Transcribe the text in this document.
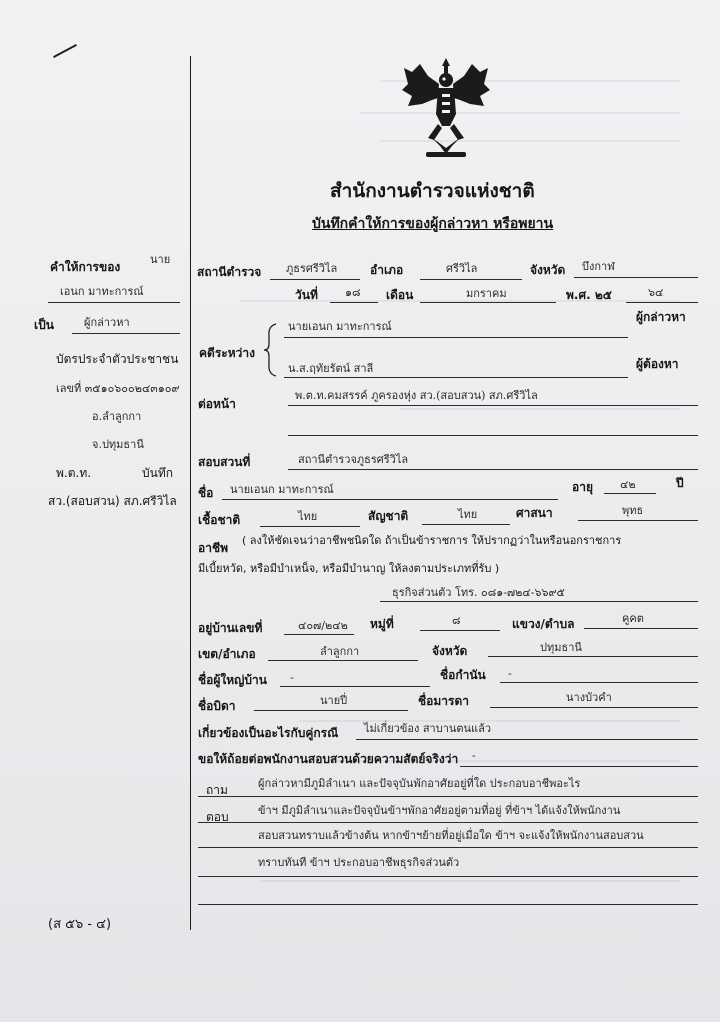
สำนักงานตำรวจแห่งชาติ
บันทึกคำให้การของผู้กล่าวหา หรือพยาน
คำให้การของ
นาย
เอนก มาทะการณ์
เป็น	ผู้กล่าวหา
บัตรประจำตัวประชาชน
เลขที่ ๓๕๑๐๖๐๐๒๔๓๑๐๙
อ.ลำลูกกา
จ.ปทุมธานี
พ.ต.ท.	บันทึก
สว.(สอบสวน) สภ.ศรีวิไล
(ส ๕๖ - ๔)
สถานีตำรวจ ภูธรศรีวิไล	อำเภอ	ศรีวิไล	จังหวัด บึงกาฬ
วันที่ ๑๘ เดือน	มกราคม	พ.ศ. ๒๕	๖๔
คดีระหว่าง
นายเอนก มาทะการณ์
ผู้กล่าวหา
น.ส.ฤทัยรัตน์ สาลี	ผู้ต้องหา
ต่อหน้า
พ.ต.ท.คมสรรค์ ภูครองหุ่ง สว.(สอบสวน) สภ.ศรีวิไล
สอบสวนที่	สถานีตำรวจภูธรศรีวิไล
ชื่อ นายเอนก มาทะการณ์	อายุ ๔๒	ปี
เชื้อชาติ	ไทย	สัญชาติ	ไทย	ศาสนา	พุทธ
อาชีพ
( ลงให้ชัดเจนว่าอาชีพชนิดใด ถ้าเป็นข้าราชการ ให้ปรากฏว่าในหรือนอกราชการ
มีเบี้ยหวัด, หรือมีบำเหน็จ, หรือมีบำนาญ ให้ลงตามประเภทที่รับ )
ธุรกิจส่วนตัว โทร. ๐๘๑-๗๒๔-๖๖๙๕
อยู่บ้านเลขที่	๔๐๗/๒๔๒ หมู่ที่	๘	แขวง/ตำบล	คูคต
เขต/อำเภอ	ลำลูกกา	จังหวัด	ปทุมธานี
ชื่อผู้ใหญ่บ้าน -	ชื่อกำนัน -
ชื่อบิดา	นายปี่	ชื่อมารดา	นางบัวคำ
เกี่ยวข้องเป็นอะไรกับคู่กรณี ไม่เกี่ยวข้อง สาบานตนแล้ว
ขอให้ถ้อยต่อพนักงานสอบสวนด้วยความสัตย์จริงว่า -
ถาม	ผู้กล่าวหามีภูมิลำเนา และปัจจุบันพักอาศัยอยู่ที่ใด ประกอบอาชีพอะไร
ตอบ	ข้าฯ มีภูมิลำเนาและปัจจุบันข้าฯพักอาศัยอยู่ตามที่อยู่ ที่ข้าฯ ได้แจ้งให้พนักงาน
สอบสวนทราบแล้วข้างต้น หากข้าฯย้ายที่อยู่เมื่อใด ข้าฯ จะแจ้งให้พนักงานสอบสวน
ทราบทันที ข้าฯ ประกอบอาชีพธุรกิจส่วนตัว
